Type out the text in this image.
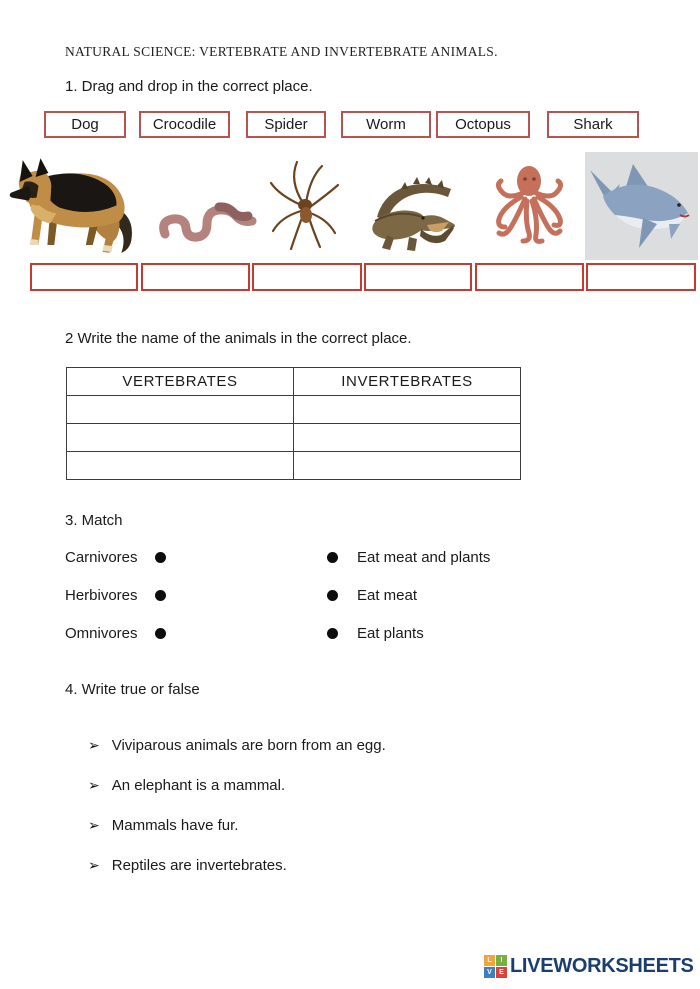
NATURAL SCIENCE: VERTEBRATE AND INVERTEBRATE ANIMALS.
1. Drag and drop in the correct place.
Dog	Crocodile	Spider	Worm	Octopus	Shark
2 Write the name of the animals in the correct place.
VERTEBRATES	INVERTEBRATES

3. Match
Carnivores
Herbivores
Omnivores
Eat meat and plants
Eat meat
Eat plants
4. Write true or false
➢ Viviparous animals are born from an egg.
➢ An elephant is a mammal.
➢ Mammals have fur.
➢ Reptiles are invertebrates.
L	I
V	E LIVEWORKSHEETS
